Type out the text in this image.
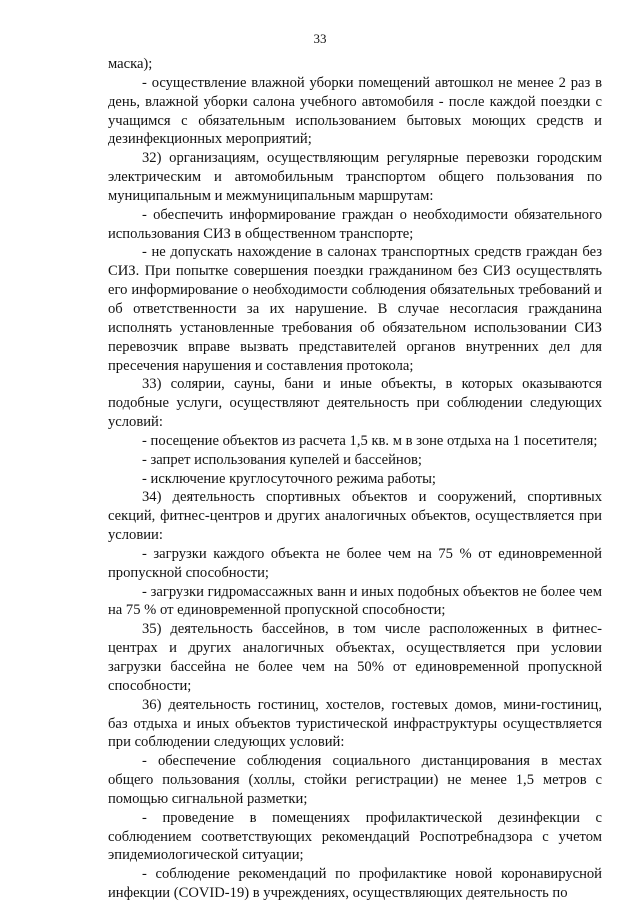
33

маска);

- осуществление влажной уборки помещений автошкол не менее 2 раз в день, влажной уборки салона учебного автомобиля - после каждой поездки с учащимся с обязательным использованием бытовых моющих средств и дезинфекционных мероприятий;

32) организациям, осуществляющим регулярные перевозки городским электрическим и автомобильным транспортом общего пользования по муниципальным и межмуниципальным маршрутам:

- обеспечить информирование граждан о необходимости обязательного использования СИЗ в общественном транспорте;

- не допускать нахождение в салонах транспортных средств граждан без СИЗ. При попытке совершения поездки гражданином без СИЗ осуществлять его информирование о необходимости соблюдения обязательных требований и об ответственности за их нарушение. В случае несогласия гражданина исполнять установленные требования об обязательном использовании СИЗ перевозчик вправе вызвать представителей органов внутренних дел для пресечения нарушения и составления протокола;

33) солярии, сауны, бани и иные объекты, в которых оказываются подобные услуги, осуществляют деятельность при соблюдении следующих условий:

- посещение объектов из расчета 1,5 кв. м в зоне отдыха на 1 посетителя;

- запрет использования купелей и бассейнов;

- исключение круглосуточного режима работы;

34) деятельность спортивных объектов и сооружений, спортивных секций, фитнес-центров и других аналогичных объектов, осуществляется при условии:

- загрузки каждого объекта не более чем на 75 % от единовременной пропускной способности;

- загрузки гидромассажных ванн и иных подобных объектов не более чем на 75 % от единовременной пропускной способности;

35) деятельность бассейнов, в том числе расположенных в фитнес-центрах и других аналогичных объектах, осуществляется при условии загрузки бассейна не более чем на 50% от единовременной пропускной способности;

36) деятельность гостиниц, хостелов, гостевых домов, мини-гостиниц, баз отдыха и иных объектов туристической инфраструктуры осуществляется при соблюдении следующих условий:

- обеспечение соблюдения социального дистанцирования в местах общего пользования (холлы, стойки регистрации) не менее 1,5 метров с помощью сигнальной разметки;

- проведение в помещениях профилактической дезинфекции с соблюдением соответствующих рекомендаций Роспотребнадзора с учетом эпидемиологической ситуации;

- соблюдение рекомендаций по профилактике новой коронавирусной инфекции (COVID-19) в учреждениях, осуществляющих деятельность по
